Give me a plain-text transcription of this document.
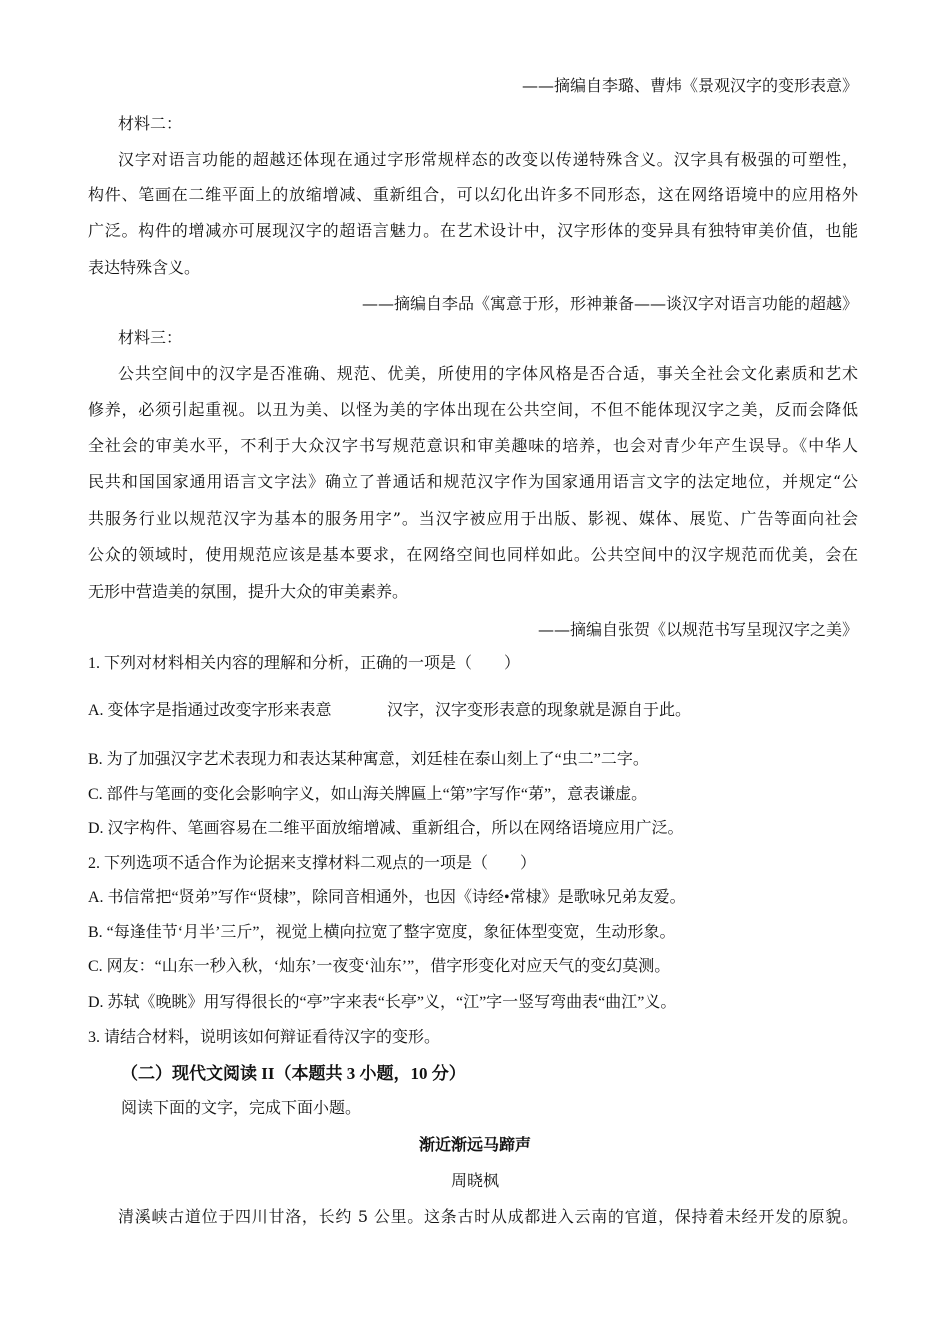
——摘编自李璐、曹炜《景观汉字的变形表意》
材料二：
汉字对语言功能的超越还体现在通过字形常规样态的改变以传递特殊含义。汉字具有极强的可塑性，
构件、笔画在二维平面上的放缩增减、重新组合，可以幻化出许多不同形态，这在网络语境中的应用格外
广泛。构件的增减亦可展现汉字的超语言魅力。在艺术设计中，汉字形体的变异具有独特审美价值，也能
表达特殊含义。
——摘编自李品《寓意于形，形神兼备——谈汉字对语言功能的超越》
材料三：
公共空间中的汉字是否准确、规范、优美，所使用的字体风格是否合适，事关全社会文化素质和艺术
修养，必须引起重视。以丑为美、以怪为美的字体出现在公共空间，不但不能体现汉字之美，反而会降低
全社会的审美水平，不利于大众汉字书写规范意识和审美趣味的培养，也会对青少年产生误导。《中华人
民共和国国家通用语言文字法》确立了普通话和规范汉字作为国家通用语言文字的法定地位，并规定“公
共服务行业以规范汉字为基本的服务用字”。当汉字被应用于出版、影视、媒体、展览、广告等面向社会
公众的领域时，使用规范应该是基本要求，在网络空间也同样如此。公共空间中的汉字规范而优美，会在
无形中营造美的氛围，提升大众的审美素养。
——摘编自张贺《以规范书写呈现汉字之美》
1. 下列对材料相关内容的理解和分析，正确的一项是（　　）
A. 变体字是指通过改变字形来表意	汉字，汉字变形表意的现象就是源自于此。
B. 为了加强汉字艺术表现力和表达某种寓意，刘廷桂在泰山刻上了“虫二”二字。
C. 部件与笔画的变化会影响字义，如山海关牌匾上“第”字写作“苐”，意表谦虚。
D. 汉字构件、笔画容易在二维平面放缩增减、重新组合，所以在网络语境应用广泛。
2. 下列选项不适合作为论据来支撑材料二观点的一项是（　　）
A. 书信常把“贤弟”写作“贤棣”，除同音相通外，也因《诗经•常棣》是歌咏兄弟友爱。
B. “每逢佳节‘月半’三斤”，视觉上横向拉宽了整字宽度，象征体型变宽，生动形象。
C. 网友：“山东一秒入秋，‘灿东’一夜变‘汕东’”，借字形变化对应天气的变幻莫测。
D. 苏轼《晚眺》用写得很长的“亭”字来表“长亭”义，“江”字一竖写弯曲表“曲江”义。
3. 请结合材料，说明该如何辩证看待汉字的变形。
（二）现代文阅读 II（本题共 3 小题，10 分）
阅读下面的文字，完成下面小题。
渐近渐远马蹄声
周晓枫
清溪峡古道位于四川甘洛，长约 5 公里。这条古时从成都进入云南的官道，保持着未经开发的原貌。
